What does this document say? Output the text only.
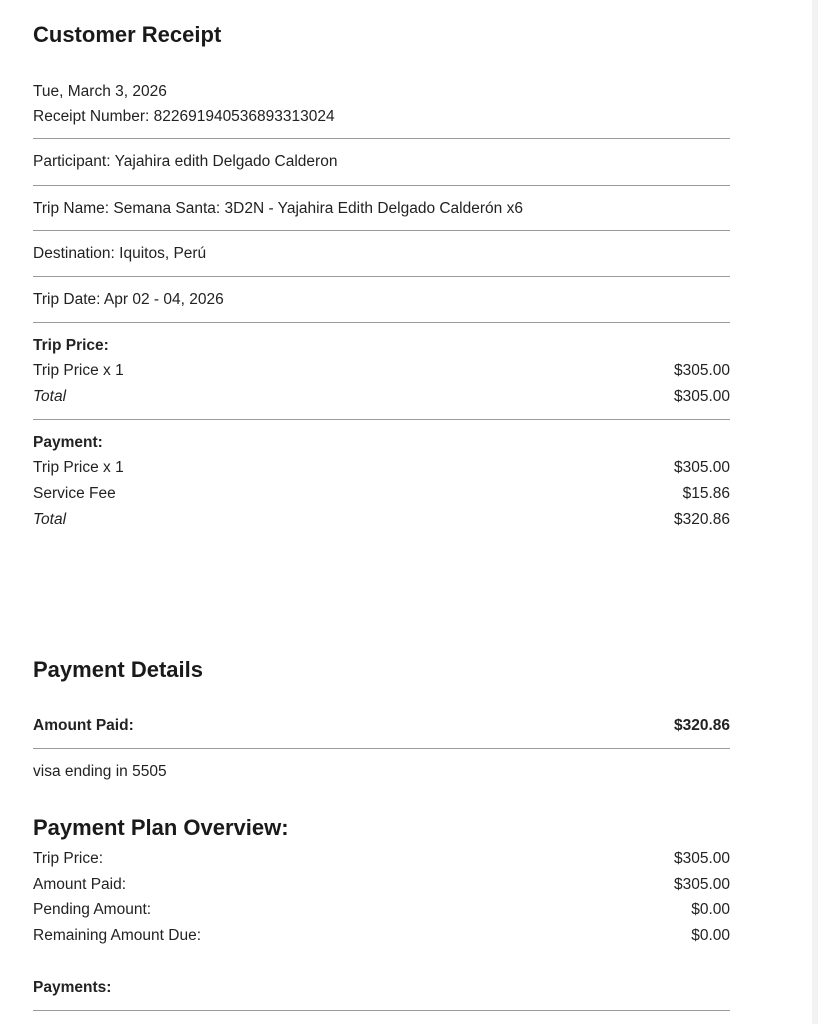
Customer Receipt
Tue, March 3, 2026
Receipt Number: 822691940536893313024
Participant: Yajahira edith Delgado Calderon
Trip Name: Semana Santa: 3D2N - Yajahira Edith Delgado Calderón x6
Destination: Iquitos, Perú
Trip Date: Apr 02 - 04, 2026
Trip Price:
Trip Price x 1	$305.00
Total	$305.00
Payment:
Trip Price x 1	$305.00
Service Fee	$15.86
Total	$320.86
Payment Details
Amount Paid:	$320.86
visa ending in 5505
Payment Plan Overview:
Trip Price:	$305.00
Amount Paid:	$305.00
Pending Amount:	$0.00
Remaining Amount Due:	$0.00
Payments:
